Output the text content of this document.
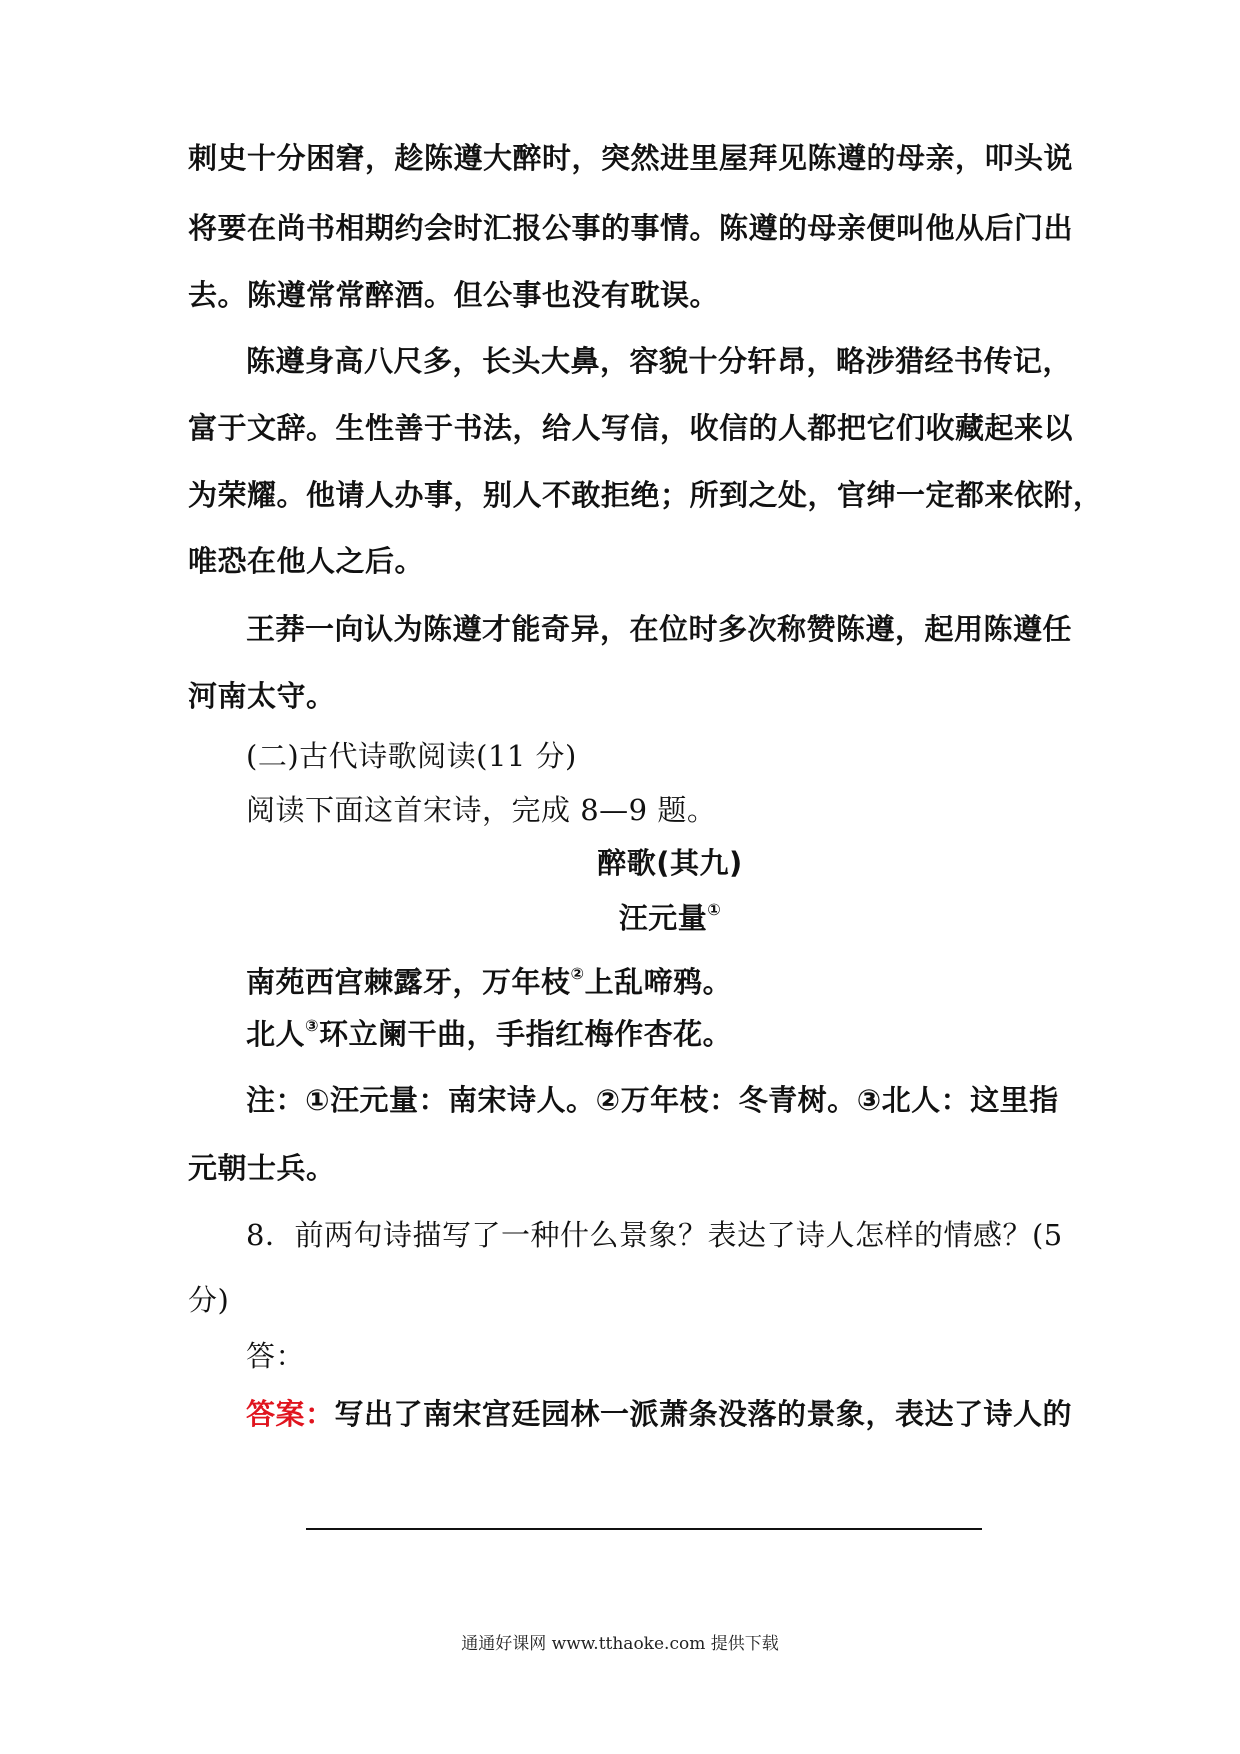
刺史十分困窘，趁陈遵大醉时，突然进里屋拜见陈遵的母亲，叩头说
将要在尚书相期约会时汇报公事的事情。陈遵的母亲便叫他从后门出
去。陈遵常常醉酒。但公事也没有耽误。
陈遵身高八尺多，长头大鼻，容貌十分轩昂，略涉猎经书传记，
富于文辞。生性善于书法，给人写信，收信的人都把它们收藏起来以
为荣耀。他请人办事，别人不敢拒绝；所到之处，官绅一定都来依附，
唯恐在他人之后。
王莽一向认为陈遵才能奇异，在位时多次称赞陈遵，起用陈遵任
河南太守。
(二)古代诗歌阅读(11 分)
阅读下面这首宋诗，完成 8—9 题。
醉歌(其九)
汪元量①
南苑西宫棘露牙，万年枝②上乱啼鸦。
北人③环立阑干曲，手指红梅作杏花。
注：①汪元量：南宋诗人。②万年枝：冬青树。③北人：这里指
元朝士兵。
8．前两句诗描写了一种什么景象？表达了诗人怎样的情感？(5
分)
答：
答案：写出了南宋宫廷园林一派萧条没落的景象，表达了诗人的
通通好课网 www.tthaoke.com 提供下载
